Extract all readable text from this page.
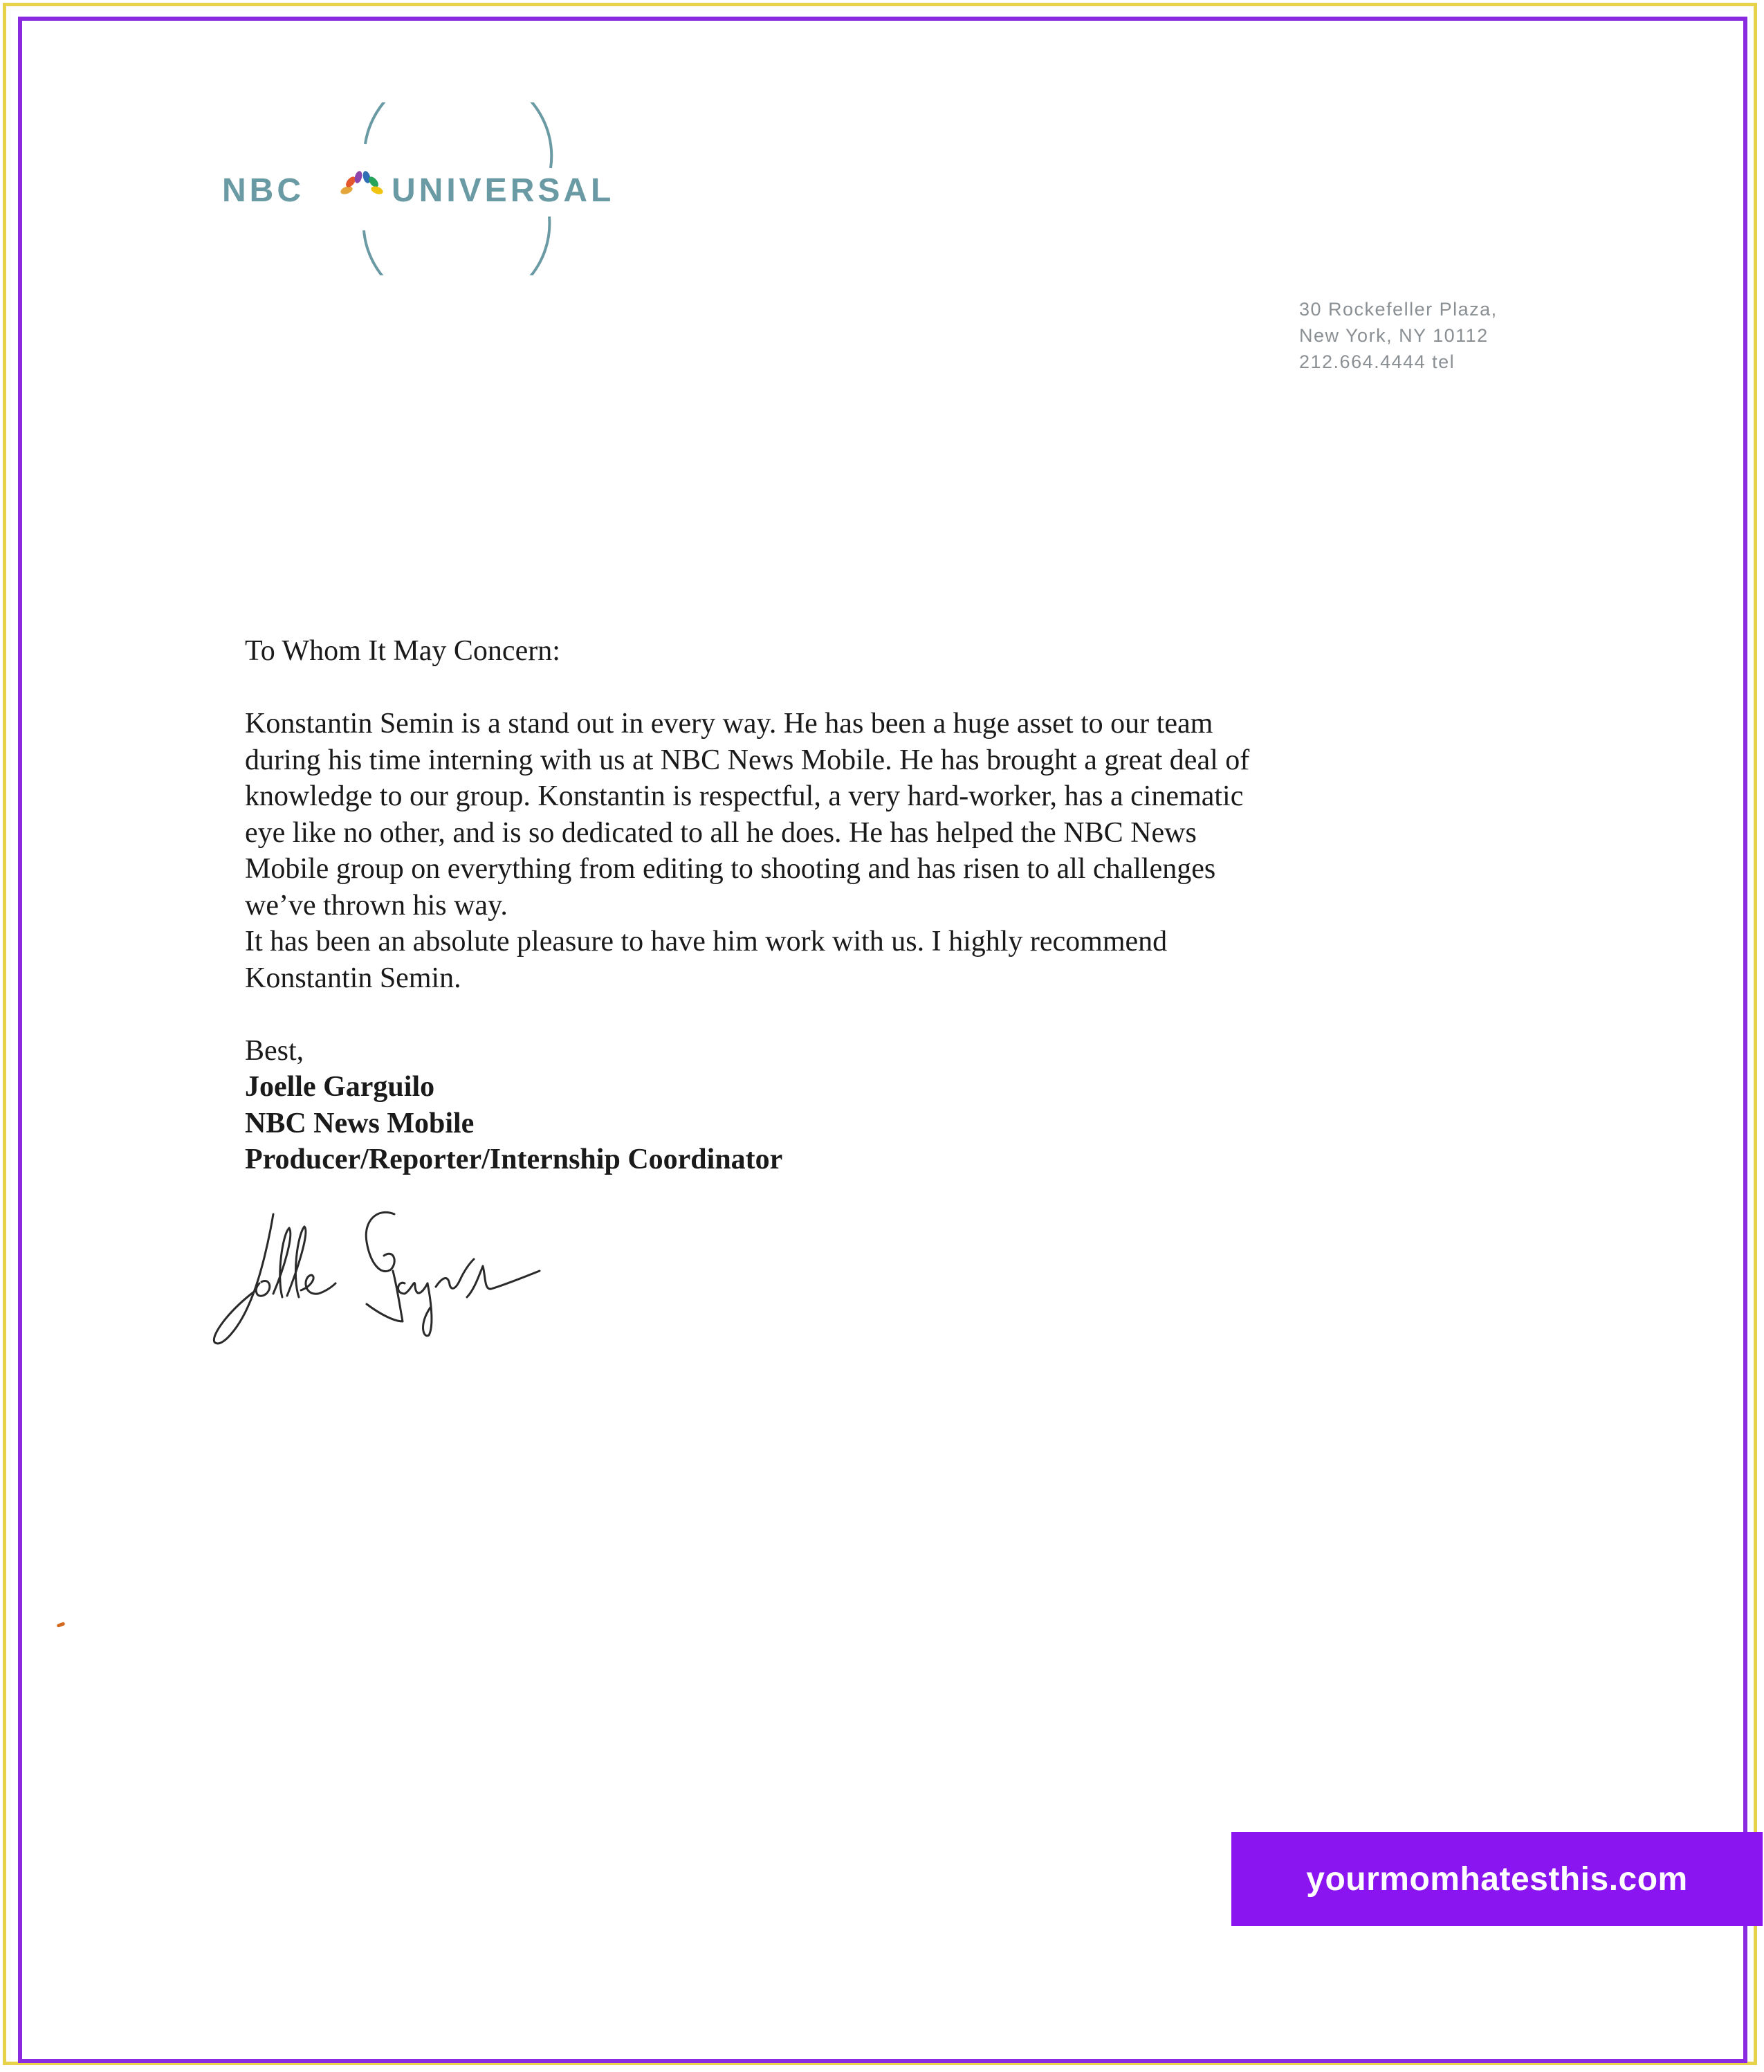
NBC	UNIVERSAL
30 Rockefeller Plaza,
New York, NY 10112
212.664.4444 tel
To Whom It May Concern:
Konstantin Semin is a stand out in every way. He has been a huge asset to our team
during his time interning with us at NBC News Mobile. He has brought a great deal of
knowledge to our group. Konstantin is respectful, a very hard-worker, has a cinematic
eye like no other, and is so dedicated to all he does. He has helped the NBC News
Mobile group on everything from editing to shooting and has risen to all challenges
we’ve thrown his way.
It has been an absolute pleasure to have him work with us. I highly recommend
Konstantin Semin.
Best,
Joelle Garguilo
NBC News Mobile
Producer/Reporter/Internship Coordinator
yourmomhatesthis.com
